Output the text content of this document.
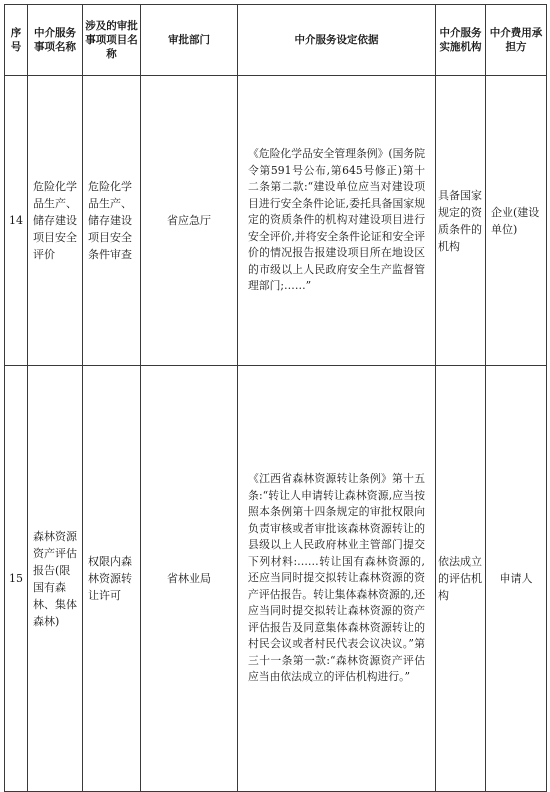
序号	中介服务事项名称	涉及的审批事项项目名称	审批部门	中介服务设定依据	中介服务实施机构	中介费用承担方

14	危险化学品生产、储存建设项目安全评价	危险化学品生产、储存建设项目安全条件审查	省应急厅	《危险化学品安全管理条例》(国务院令第591号公布,第645号修正)第十二条第二款:“建设单位应当对建设项目进行安全条件论证,委托具备国家规定的资质条件的机构对建设项目进行安全评价,并将安全条件论证和安全评价的情况报告报建设项目所在地设区的市级以上人民政府安全生产监督管理部门;……”	具备国家规定的资质条件的机构	企业(建设单位)

15	森林资源资产评估报告(限国有森林、集体森林)	权限内森林资源转让许可	省林业局	《江西省森林资源转让条例》第十五条:“转让人申请转让森林资源,应当按照本条例第十四条规定的审批权限向负责审核或者审批该森林资源转让的县级以上人民政府林业主管部门提交下列材料:……转让国有森林资源的,还应当同时提交拟转让森林资源的资产评估报告。转让集体森林资源的,还应当同时提交拟转让森林资源的资产评估报告及同意集体森林资源转让的村民会议或者村民代表会议决议。”第三十一条第一款:“森林资源资产评估应当由依法成立的评估机构进行。”	依法成立的评估机构	申请人
